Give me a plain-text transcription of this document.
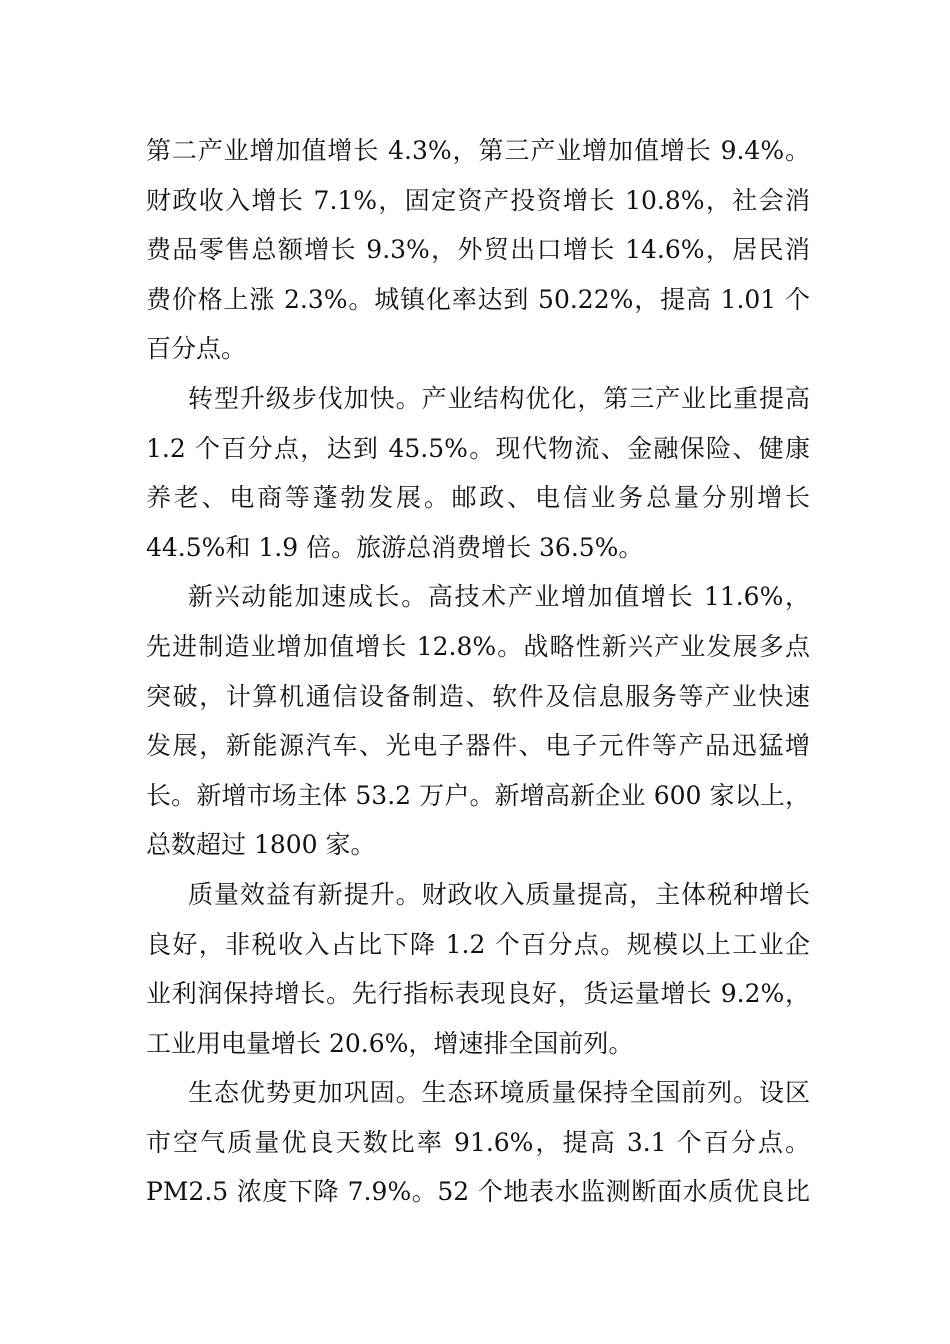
第二产业增加值增长 4.3%，第三产业增加值增长 9.4%。
财政收入增长 7.1%，固定资产投资增长 10.8%，社会消
费品零售总额增长 9.3%，外贸出口增长 14.6%，居民消
费价格上涨 2.3%。城镇化率达到 50.22%，提高 1.01 个
百分点。
转型升级步伐加快。产业结构优化，第三产业比重提高
1.2 个百分点，达到 45.5%。现代物流、金融保险、健康
养老、电商等蓬勃发展。邮政、电信业务总量分别增长
44.5%和 1.9 倍。旅游总消费增长 36.5%。
新兴动能加速成长。高技术产业增加值增长 11.6%，
先进制造业增加值增长 12.8%。战略性新兴产业发展多点
突破，计算机通信设备制造、软件及信息服务等产业快速
发展，新能源汽车、光电子器件、电子元件等产品迅猛增
长。新增市场主体 53.2 万户。新增高新企业 600 家以上，
总数超过 1800 家。
质量效益有新提升。财政收入质量提高，主体税种增长
良好，非税收入占比下降 1.2 个百分点。规模以上工业企
业利润保持增长。先行指标表现良好，货运量增长 9.2%，
工业用电量增长 20.6%，增速排全国前列。
生态优势更加巩固。生态环境质量保持全国前列。设区
市空气质量优良天数比率 91.6%，提高 3.1 个百分点。
PM2.5 浓度下降 7.9%。52 个地表水监测断面水质优良比
